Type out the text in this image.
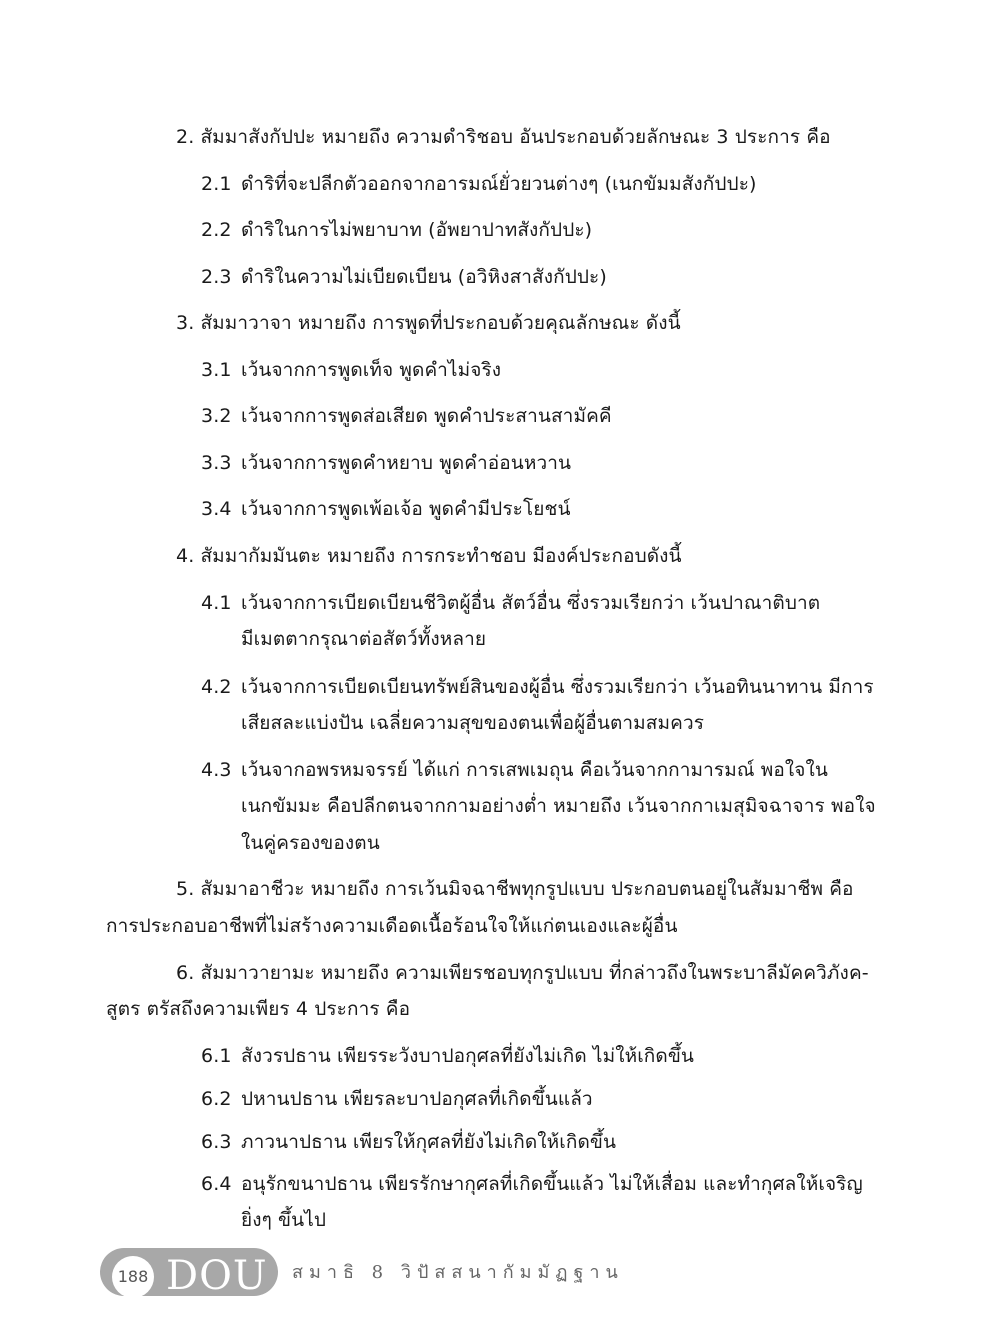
2. สัมมาสังกัปปะ หมายถึง ความดำริชอบ อันประกอบด้วยลักษณะ 3 ประการ คือ
2.1 ดำริที่จะปลีกตัวออกจากอารมณ์ยั่วยวนต่างๆ (เนกขัมมสังกัปปะ)
2.2 ดำริในการไม่พยาบาท (อัพยาปาทสังกัปปะ)
2.3 ดำริในความไม่เบียดเบียน (อวิหิงสาสังกัปปะ)
3. สัมมาวาจา หมายถึง การพูดที่ประกอบด้วยคุณลักษณะ ดังนี้
3.1 เว้นจากการพูดเท็จ พูดคำไม่จริง
3.2 เว้นจากการพูดส่อเสียด พูดคำประสานสามัคคี
3.3 เว้นจากการพูดคำหยาบ พูดคำอ่อนหวาน
3.4 เว้นจากการพูดเพ้อเจ้อ พูดคำมีประโยชน์
4. สัมมากัมมันตะ หมายถึง การกระทำชอบ มีองค์ประกอบดังนี้
4.1 เว้นจากการเบียดเบียนชีวิตผู้อื่น สัตว์อื่น ซึ่งรวมเรียกว่า เว้นปาณาติบาต
มีเมตตากรุณาต่อสัตว์ทั้งหลาย
4.2 เว้นจากการเบียดเบียนทรัพย์สินของผู้อื่น ซึ่งรวมเรียกว่า เว้นอทินนาทาน มีการ
เสียสละแบ่งปัน เฉลี่ยความสุขของตนเพื่อผู้อื่นตามสมควร
4.3 เว้นจากอพรหมจรรย์ ได้แก่ การเสพเมถุน คือเว้นจากกามารมณ์ พอใจใน
เนกขัมมะ คือปลีกตนจากกามอย่างต่ำ หมายถึง เว้นจากกาเมสุมิจฉาจาร พอใจ
ในคู่ครองของตน
5. สัมมาอาชีวะ หมายถึง การเว้นมิจฉาชีพทุกรูปแบบ ประกอบตนอยู่ในสัมมาชีพ คือ
การประกอบอาชีพที่ไม่สร้างความเดือดเนื้อร้อนใจให้แก่ตนเองและผู้อื่น
6. สัมมาวายามะ หมายถึง ความเพียรชอบทุกรูปแบบ ที่กล่าวถึงในพระบาลีมัคควิภังค-
สูตร ตรัสถึงความเพียร 4 ประการ คือ
6.1 สังวรปธาน เพียรระวังบาปอกุศลที่ยังไม่เกิด ไม่ให้เกิดขึ้น
6.2 ปหานปธาน เพียรละบาปอกุศลที่เกิดขึ้นแล้ว
6.3 ภาวนาปธาน เพียรให้กุศลที่ยังไม่เกิดให้เกิดขึ้น
6.4 อนุรักขนาปธาน เพียรรักษากุศลที่เกิดขึ้นแล้ว ไม่ให้เสื่อม และทำกุศลให้เจริญ
ยิ่งๆ ขึ้นไป
188 DOU สมาธิ 8 วิปัสสนากัมมัฏฐาน
